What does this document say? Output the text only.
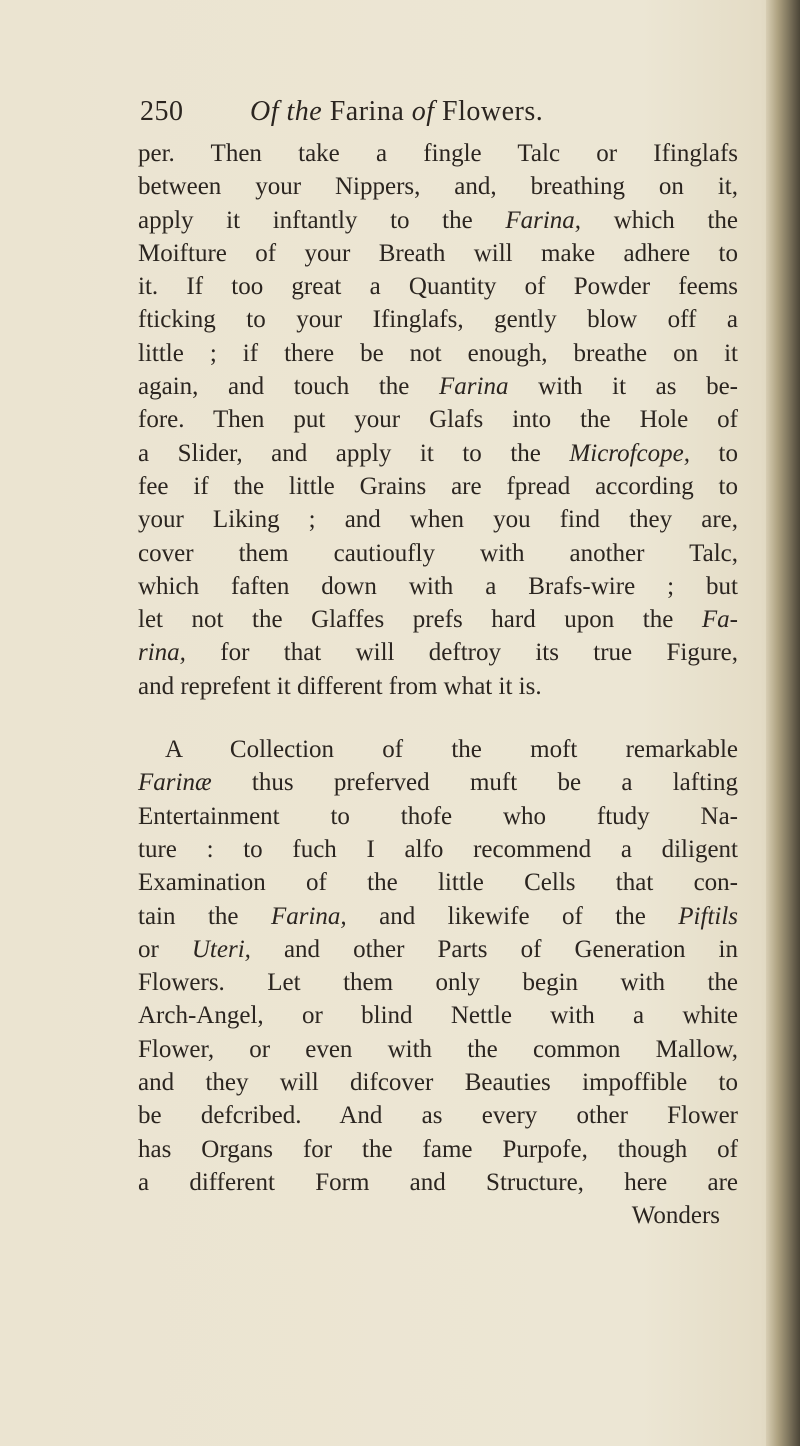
250 Of the Farina of Flowers.
per. Then take a fingle Talc or Ifinglafs
between your Nippers, and, breathing on it,
apply it inftantly to the Farina, which the
Moifture of your Breath will make adhere to
it. If too great a Quantity of Powder feems
fticking to your Ifinglafs, gently blow off a
little ; if there be not enough, breathe on it
again, and touch the Farina with it as be-
fore. Then put your Glafs into the Hole of
a Slider, and apply it to the Microfcope, to
fee if the little Grains are fpread according to
your Liking ; and when you find they are,
cover them cautioufly with another Talc,
which faften down with a Brafs-wire ; but
let not the Glaffes prefs hard upon the Fa-
rina, for that will deftroy its true Figure,
and reprefent it different from what it is.
A Collection of the moft remarkable
Farinæ thus preferved muft be a lafting
Entertainment to thofe who ftudy Na-
ture : to fuch I alfo recommend a diligent
Examination of the little Cells that con-
tain the Farina, and likewife of the Piftils
or Uteri, and other Parts of Generation in
Flowers. Let them only begin with the
Arch-Angel, or blind Nettle with a white
Flower, or even with the common Mallow,
and they will difcover Beauties impoffible to
be defcribed. And as every other Flower
has Organs for the fame Purpofe, though of
a different Form and Structure, here are
Wonders
